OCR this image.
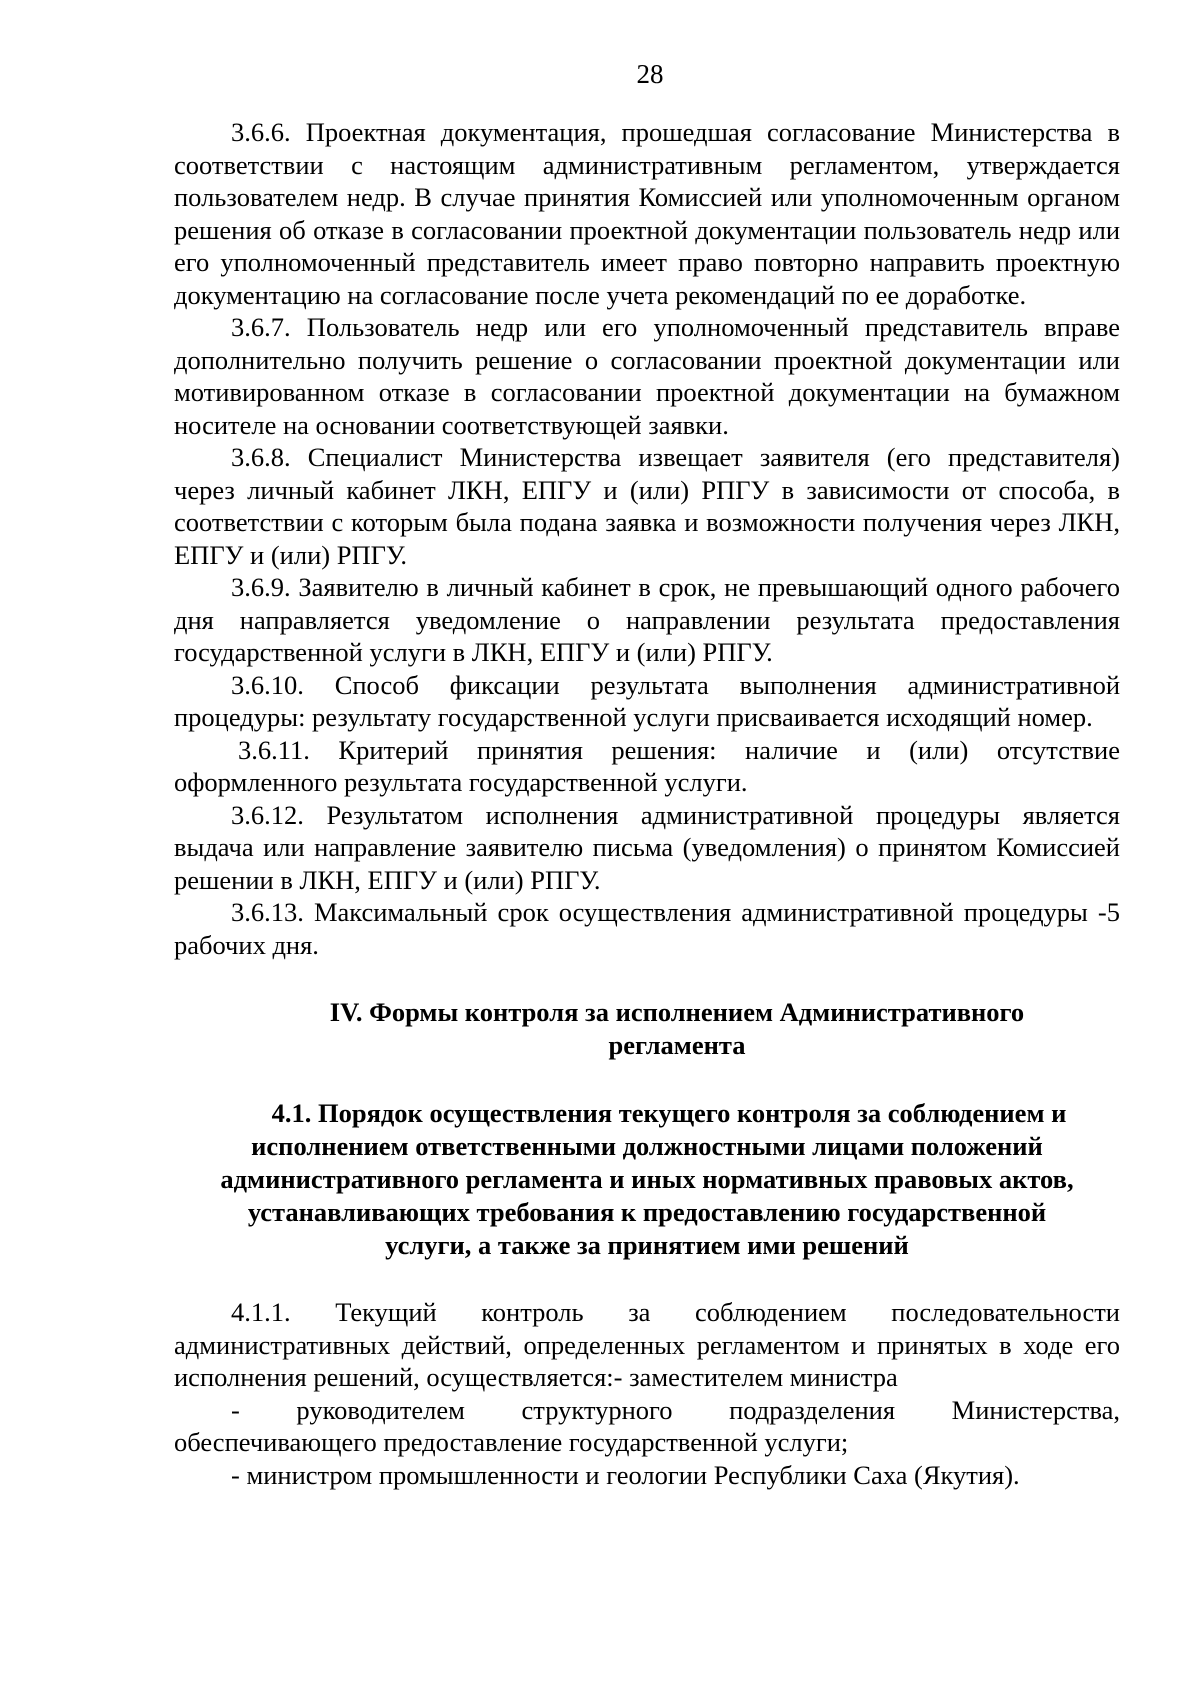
28

3.6.6. Проектная документация, прошедшая согласование Министерства в соответствии с настоящим административным регламентом, утверждается пользователем недр. В случае принятия Комиссией или уполномоченным органом решения об отказе в согласовании проектной документации пользователь недр или его уполномоченный представитель имеет право повторно направить проектную документацию на согласование после учета рекомендаций по ее доработке.

3.6.7. Пользователь недр или его уполномоченный представитель вправе дополнительно получить решение о согласовании проектной документации или мотивированном отказе в согласовании проектной документации на бумажном носителе на основании соответствующей заявки.

3.6.8. Специалист Министерства извещает заявителя (его представителя) через личный кабинет ЛКН, ЕПГУ и (или) РПГУ в зависимости от способа, в соответствии с которым была подана заявка и возможности получения через ЛКН, ЕПГУ и (или) РПГУ.

3.6.9. Заявителю в личный кабинет в срок, не превышающий одного рабочего дня направляется уведомление о направлении результата предоставления государственной услуги в ЛКН, ЕПГУ и (или) РПГУ.

3.6.10. Способ фиксации результата выполнения административной процедуры: результату государственной услуги присваивается исходящий номер.

3.6.11. Критерий принятия решения: наличие и (или) отсутствие оформленного результата государственной услуги.

3.6.12. Результатом исполнения административной процедуры является выдача или направление заявителю письма (уведомления) о принятом Комиссией решении в ЛКН, ЕПГУ и (или) РПГУ.

3.6.13. Максимальный срок осуществления административной процедуры -5 рабочих дня.

IV. Формы контроля за исполнением Административного
регламента
4.1. Порядок осуществления текущего контроля за соблюдением и
исполнением ответственными должностными лицами положений
административного регламента и иных нормативных правовых актов,
устанавливающих требования к предоставлению государственной
услуги, а также за принятием ими решений

4.1.1. Текущий контроль за соблюдением последовательности административных действий, определенных регламентом и принятых в ходе его исполнения решений, осуществляется:- заместителем министра

- руководителем структурного подразделения Министерства, обеспечивающего предоставление государственной услуги;

- министром промышленности и геологии Республики Саха (Якутия).
